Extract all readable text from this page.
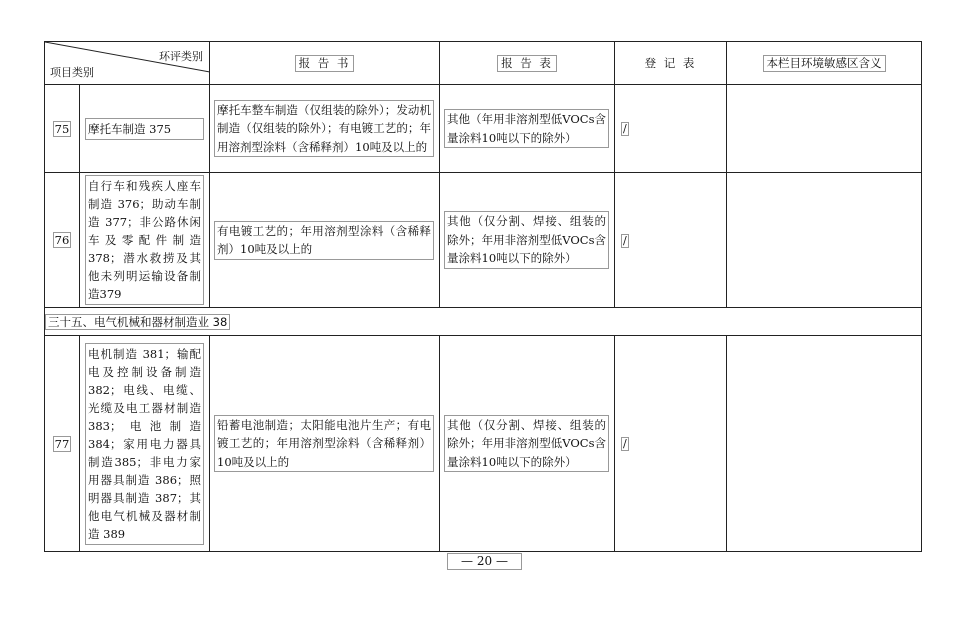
环评类别
项目类别		报 告 书	报 告 表	登 记 表	本栏目环境敏感区含义
75	摩托车制造 375	摩托车整车制造（仅组装的除外）；发动机制造（仅组装的除外）；有电镀工艺的；年用溶剂型涂料（含稀释剂）10吨及以上的	其他（年用非溶剂型低VOCs含量涂料10吨以下的除外）	/	
76	自行车和残疾人座车制造 376；助动车制造 377；非公路休闲车及零配件制造378；潜水救捞及其他未列明运输设备制造379	有电镀工艺的；年用溶剂型涂料（含稀释剂）10吨及以上的	其他（仅分割、焊接、组装的除外；年用非溶剂型低VOCs含量涂料10吨以下的除外）	/	
三十五、电气机械和器材制造业 38					
77	电机制造 381；输配电及控制设备制造382；电线、电缆、光缆及电工器材制造383；电池制造 384；家用电力器具制造385；非电力家用器具制造 386；照明器具制造 387；其他电气机械及器材制造 389	铅蓄电池制造；太阳能电池片生产；有电镀工艺的；年用溶剂型涂料（含稀释剂）10吨及以上的	其他（仅分割、焊接、组装的除外；年用非溶剂型低VOCs含量涂料10吨以下的除外）	/	
— 20 —
